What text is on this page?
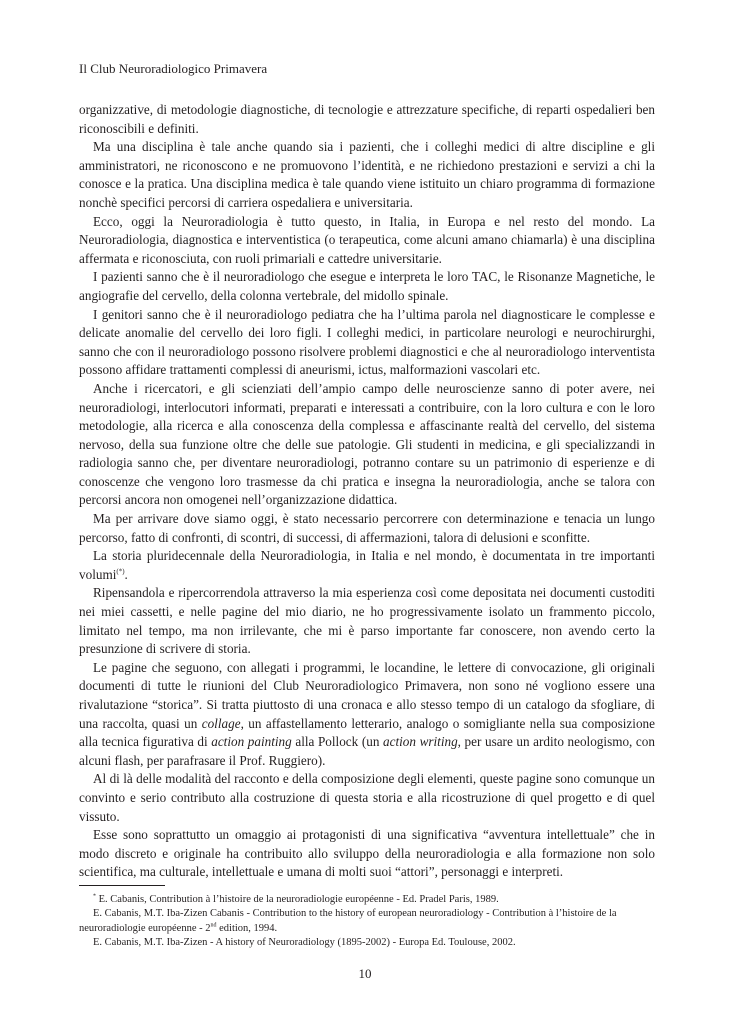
Il Club Neuroradiologico Primavera

organizzative, di metodologie diagnostiche, di tecnologie e attrezzature specifiche, di reparti ospedalieri ben riconoscibili e definiti.

Ma una disciplina è tale anche quando sia i pazienti, che i colleghi medici di altre discipline e gli amministratori, ne riconoscono e ne promuovono l’identità, e ne richiedono prestazioni e servizi a chi la conosce e la pratica. Una disciplina medica è tale quando viene istituito un chiaro programma di formazione nonchè specifici percorsi di carriera ospedaliera e universitaria.

Ecco, oggi la Neuroradiologia è tutto questo, in Italia, in Europa e nel resto del mondo. La Neuroradiologia, diagnostica e interventistica (o terapeutica, come alcuni amano chiamarla) è una disciplina affermata e riconosciuta, con ruoli primariali e cattedre universitarie.

I pazienti sanno che è il neuroradiologo che esegue e interpreta le loro TAC, le Risonanze Magnetiche, le angiografie del cervello, della colonna vertebrale, del midollo spinale.

I genitori sanno che è il neuroradiologo pediatra che ha l’ultima parola nel diagnosticare le complesse e delicate anomalie del cervello dei loro figli. I colleghi medici, in particolare neurologi e neurochirurghi, sanno che con il neuroradiologo possono risolvere problemi diagnostici e che al neuroradiologo interventista possono affidare trattamenti complessi di aneurismi, ictus, malformazioni vascolari etc.

Anche i ricercatori, e gli scienziati dell’ampio campo delle neuroscienze sanno di poter avere, nei neuroradiologi, interlocutori informati, preparati e interessati a contribuire, con la loro cultura e con le loro metodologie, alla ricerca e alla conoscenza della complessa e affascinante realtà del cervello, del sistema nervoso, della sua funzione oltre che delle sue patologie. Gli studenti in medicina, e gli specializzandi in radiologia sanno che, per diventare neuroradiologi, potranno contare su un patrimonio di esperienze e di conoscenze che vengono loro trasmesse da chi pratica e insegna la neuroradiologia, anche se talora con percorsi ancora non omogenei nell’organizzazione didattica.

Ma per arrivare dove siamo oggi, è stato necessario percorrere con determinazione e tenacia un lungo percorso, fatto di confronti, di scontri, di successi, di affermazioni, talora di delusioni e sconfitte.

La storia pluridecennale della Neuroradiologia, in Italia e nel mondo, è documentata in tre importanti volumi(*).

Ripensandola e ripercorrendola attraverso la mia esperienza così come depositata nei documenti custoditi nei miei cassetti, e nelle pagine del mio diario, ne ho progressivamente isolato un frammento piccolo, limitato nel tempo, ma non irrilevante, che mi è parso importante far conoscere, non avendo certo la presunzione di scrivere di storia.

Le pagine che seguono, con allegati i programmi, le locandine, le lettere di convocazione, gli originali documenti di tutte le riunioni del Club Neuroradiologico Primavera, non sono né vogliono essere una rivalutazione “storica”. Si tratta piuttosto di una cronaca e allo stesso tempo di un catalogo da sfogliare, di una raccolta, quasi un collage, un affastellamento letterario, analogo o somigliante nella sua composizione alla tecnica figurativa di action painting alla Pollock (un action writing, per usare un ardito neologismo, con alcuni flash, per parafrasare il Prof. Ruggiero).

Al di là delle modalità del racconto e della composizione degli elementi, queste pagine sono comunque un convinto e serio contributo alla costruzione di questa storia e alla ricostruzione di quel progetto e di quel vissuto.

Esse sono soprattutto un omaggio ai protagonisti di una significativa “avventura intellettuale” che in modo discreto e originale ha contribuito allo sviluppo della neuroradiologia e alla formazione non solo scientifica, ma culturale, intellettuale e umana di molti suoi “attori”, personaggi e interpreti.

* E. Cabanis, Contribution à l’histoire de la neuroradiologie européenne - Ed. Pradel Paris, 1989.

E. Cabanis, M.T. Iba-Zizen Cabanis - Contribution to the history of european neuroradiology - Contribution à l’histoire de la neuroradiologie européenne - 2nd edition, 1994.

E. Cabanis, M.T. Iba-Zizen - A history of Neuroradiology (1895-2002) - Europa Ed. Toulouse, 2002.

10
